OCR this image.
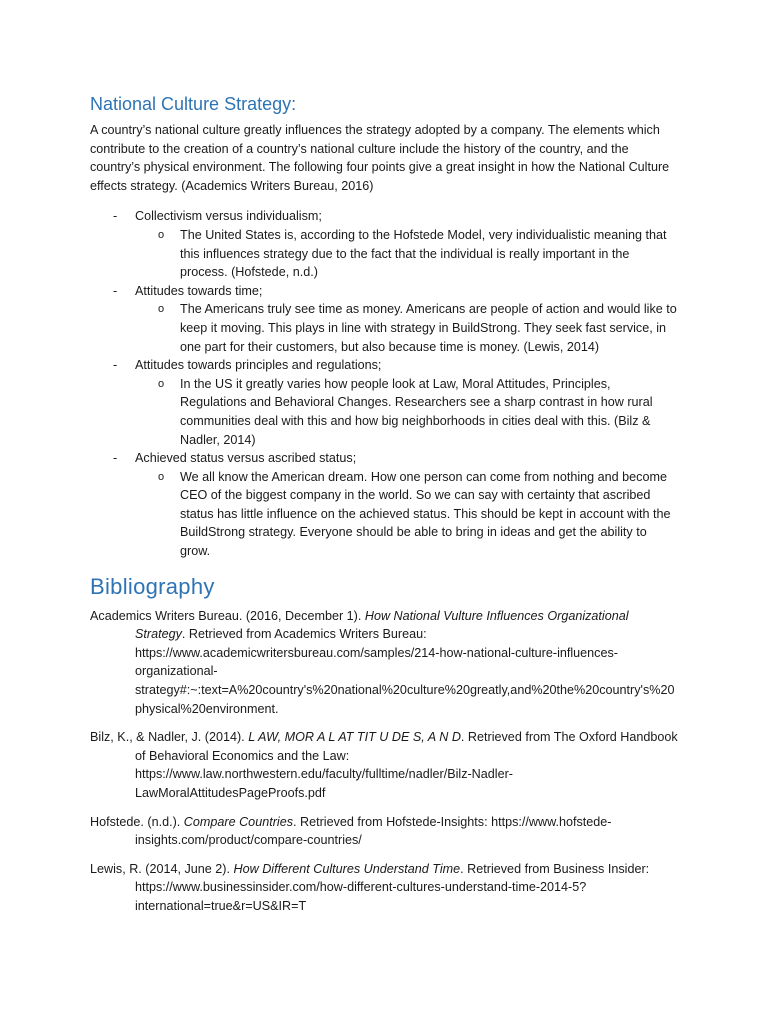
National Culture Strategy:

A country’s national culture greatly influences the strategy adopted by a company. The elements which contribute to the creation of a country’s national culture include the history of the country, and the country’s physical environment. The following four points give a great insight in how the National Culture effects strategy. (Academics Writers Bureau, 2016)

- Collectivism versus individualism;
o The United States is, according to the Hofstede Model, very individualistic meaning that this influences strategy due to the fact that the individual is really important in the process. (Hofstede, n.d.)
- Attitudes towards time;
o The Americans truly see time as money. Americans are people of action and would like to keep it moving. This plays in line with strategy in BuildStrong. They seek fast service, in one part for their customers, but also because time is money. (Lewis, 2014)
- Attitudes towards principles and regulations;
o In the US it greatly varies how people look at Law, Moral Attitudes, Principles, Regulations and Behavioral Changes. Researchers see a sharp contrast in how rural communities deal with this and how big neighborhoods in cities deal with this. (Bilz & Nadler, 2014)
- Achieved status versus ascribed status;
o We all know the American dream. How one person can come from nothing and become CEO of the biggest company in the world. So we can say with certainty that ascribed status has little influence on the achieved status. This should be kept in account with the BuildStrong strategy. Everyone should be able to bring in ideas and get the ability to grow.
Bibliography

Academics Writers Bureau. (2016, December 1). How National Vulture Influences Organizational Strategy. Retrieved from Academics Writers Bureau: https://www.academicwritersbureau.com/samples/214-how-national-culture-influences-organizational-strategy#:~:text=A%20country's%20national%20culture%20greatly,and%20the%20country's%20physical%20environment.

Bilz, K., & Nadler, J. (2014). L AW, MOR A L AT TIT U DE S, A N D. Retrieved from The Oxford Handbook of Behavioral Economics and the Law: https://www.law.northwestern.edu/faculty/fulltime/nadler/Bilz-Nadler-LawMoralAttitudesPageProofs.pdf

Hofstede. (n.d.). Compare Countries. Retrieved from Hofstede-Insights: https://www.hofstede-insights.com/product/compare-countries/

Lewis, R. (2014, June 2). How Different Cultures Understand Time. Retrieved from Business Insider: https://www.businessinsider.com/how-different-cultures-understand-time-2014-5?international=true&r=US&IR=T
